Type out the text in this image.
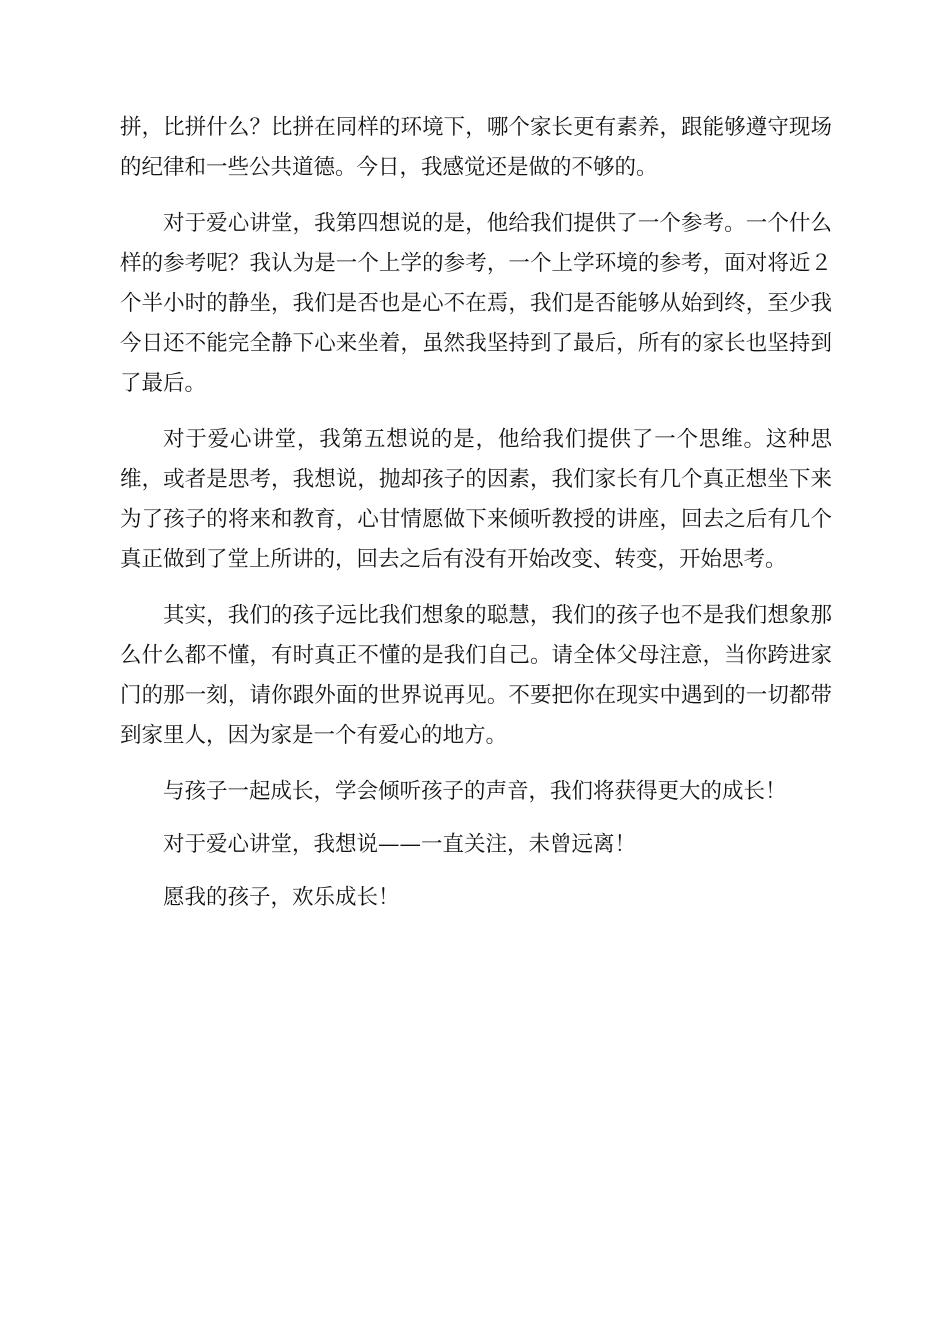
拼，比拼什么？比拼在同样的环境下，哪个家长更有素养，跟能够遵守现场的纪律和一些公共道德。今日，我感觉还是做的不够的。

对于爱心讲堂，我第四想说的是，他给我们提供了一个参考。一个什么样的参考呢？我认为是一个上学的参考，一个上学环境的参考，面对将近２个半小时的静坐，我们是否也是心不在焉，我们是否能够从始到终，至少我今日还不能完全静下心来坐着，虽然我坚持到了最后，所有的家长也坚持到了最后。

对于爱心讲堂，我第五想说的是，他给我们提供了一个思维。这种思维，或者是思考，我想说，抛却孩子的因素，我们家长有几个真正想坐下来为了孩子的将来和教育，心甘情愿做下来倾听教授的讲座，回去之后有几个真正做到了堂上所讲的，回去之后有没有开始改变、转变，开始思考。

其实，我们的孩子远比我们想象的聪慧，我们的孩子也不是我们想象那么什么都不懂，有时真正不懂的是我们自己。请全体父母注意，当你跨进家门的那一刻，请你跟外面的世界说再见。不要把你在现实中遇到的一切都带到家里人，因为家是一个有爱心的地方。

与孩子一起成长，学会倾听孩子的声音，我们将获得更大的成长！

对于爱心讲堂，我想说——一直关注，未曾远离！

愿我的孩子，欢乐成长！
